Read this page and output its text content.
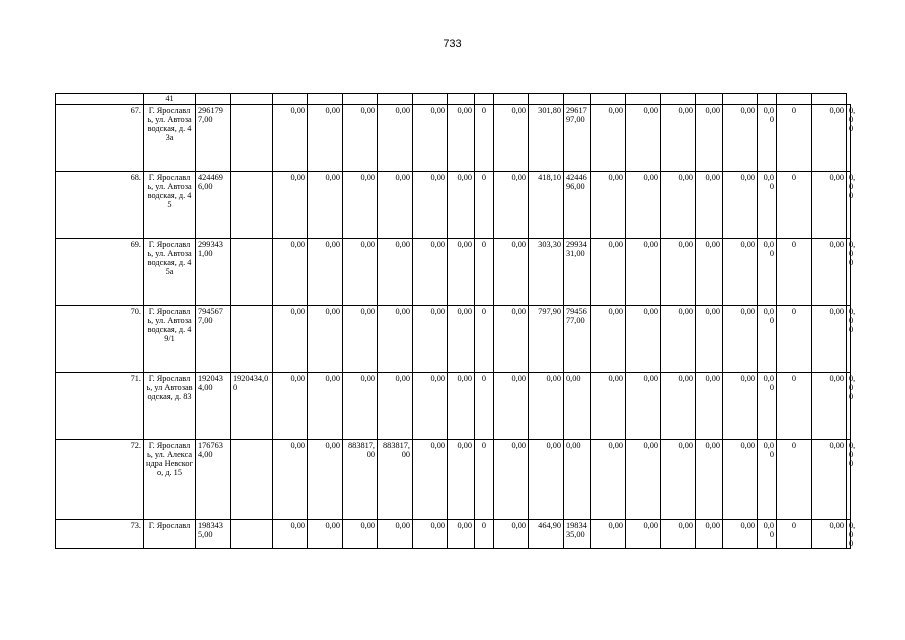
733
	41																					
67.	Г. Ярославль, ул. Автозаводская, д. 43а	2961797,00		0,00	0,00	0,00	0,00	0,00	0,00	0	0,00	301,80	2961797,00	0,00	0,00	0,00	0,00	0,00	0,00	0	0,00	0,00
68.	Г. Ярославль, ул. Автозаводская, д. 45	4244696,00		0,00	0,00	0,00	0,00	0,00	0,00	0	0,00	418,10	4244696,00	0,00	0,00	0,00	0,00	0,00	0,00	0	0,00	0,00
69.	Г. Ярославль, ул. Автозаводская, д. 45а	2993431,00		0,00	0,00	0,00	0,00	0,00	0,00	0	0,00	303,30	2993431,00	0,00	0,00	0,00	0,00	0,00	0,00	0	0,00	0,00
70.	Г. Ярославль, ул. Автозаводская, д. 49/1	7945677,00		0,00	0,00	0,00	0,00	0,00	0,00	0	0,00	797,90	7945677,00	0,00	0,00	0,00	0,00	0,00	0,00	0	0,00	0,00
71.	Г. Ярославль, ул Автозаводская, д. 83	1920434,00	1920434,00	0,00	0,00	0,00	0,00	0,00	0,00	0	0,00	0,00	0,00	0,00	0,00	0,00	0,00	0,00	0,00	0	0,00	0,00
72.	Г. Ярославль, ул. Александра Невского, д. 15	1767634,00		0,00	0,00	883817,00	883817,00	0,00	0,00	0	0,00	0,00	0,00	0,00	0,00	0,00	0,00	0,00	0,00	0	0,00	0,00
73.	Г. Ярославл	1983435,00		0,00	0,00	0,00	0,00	0,00	0,00	0	0,00	464,90	1983435,00	0,00	0,00	0,00	0,00	0,00	0,00	0	0,00	0,00
